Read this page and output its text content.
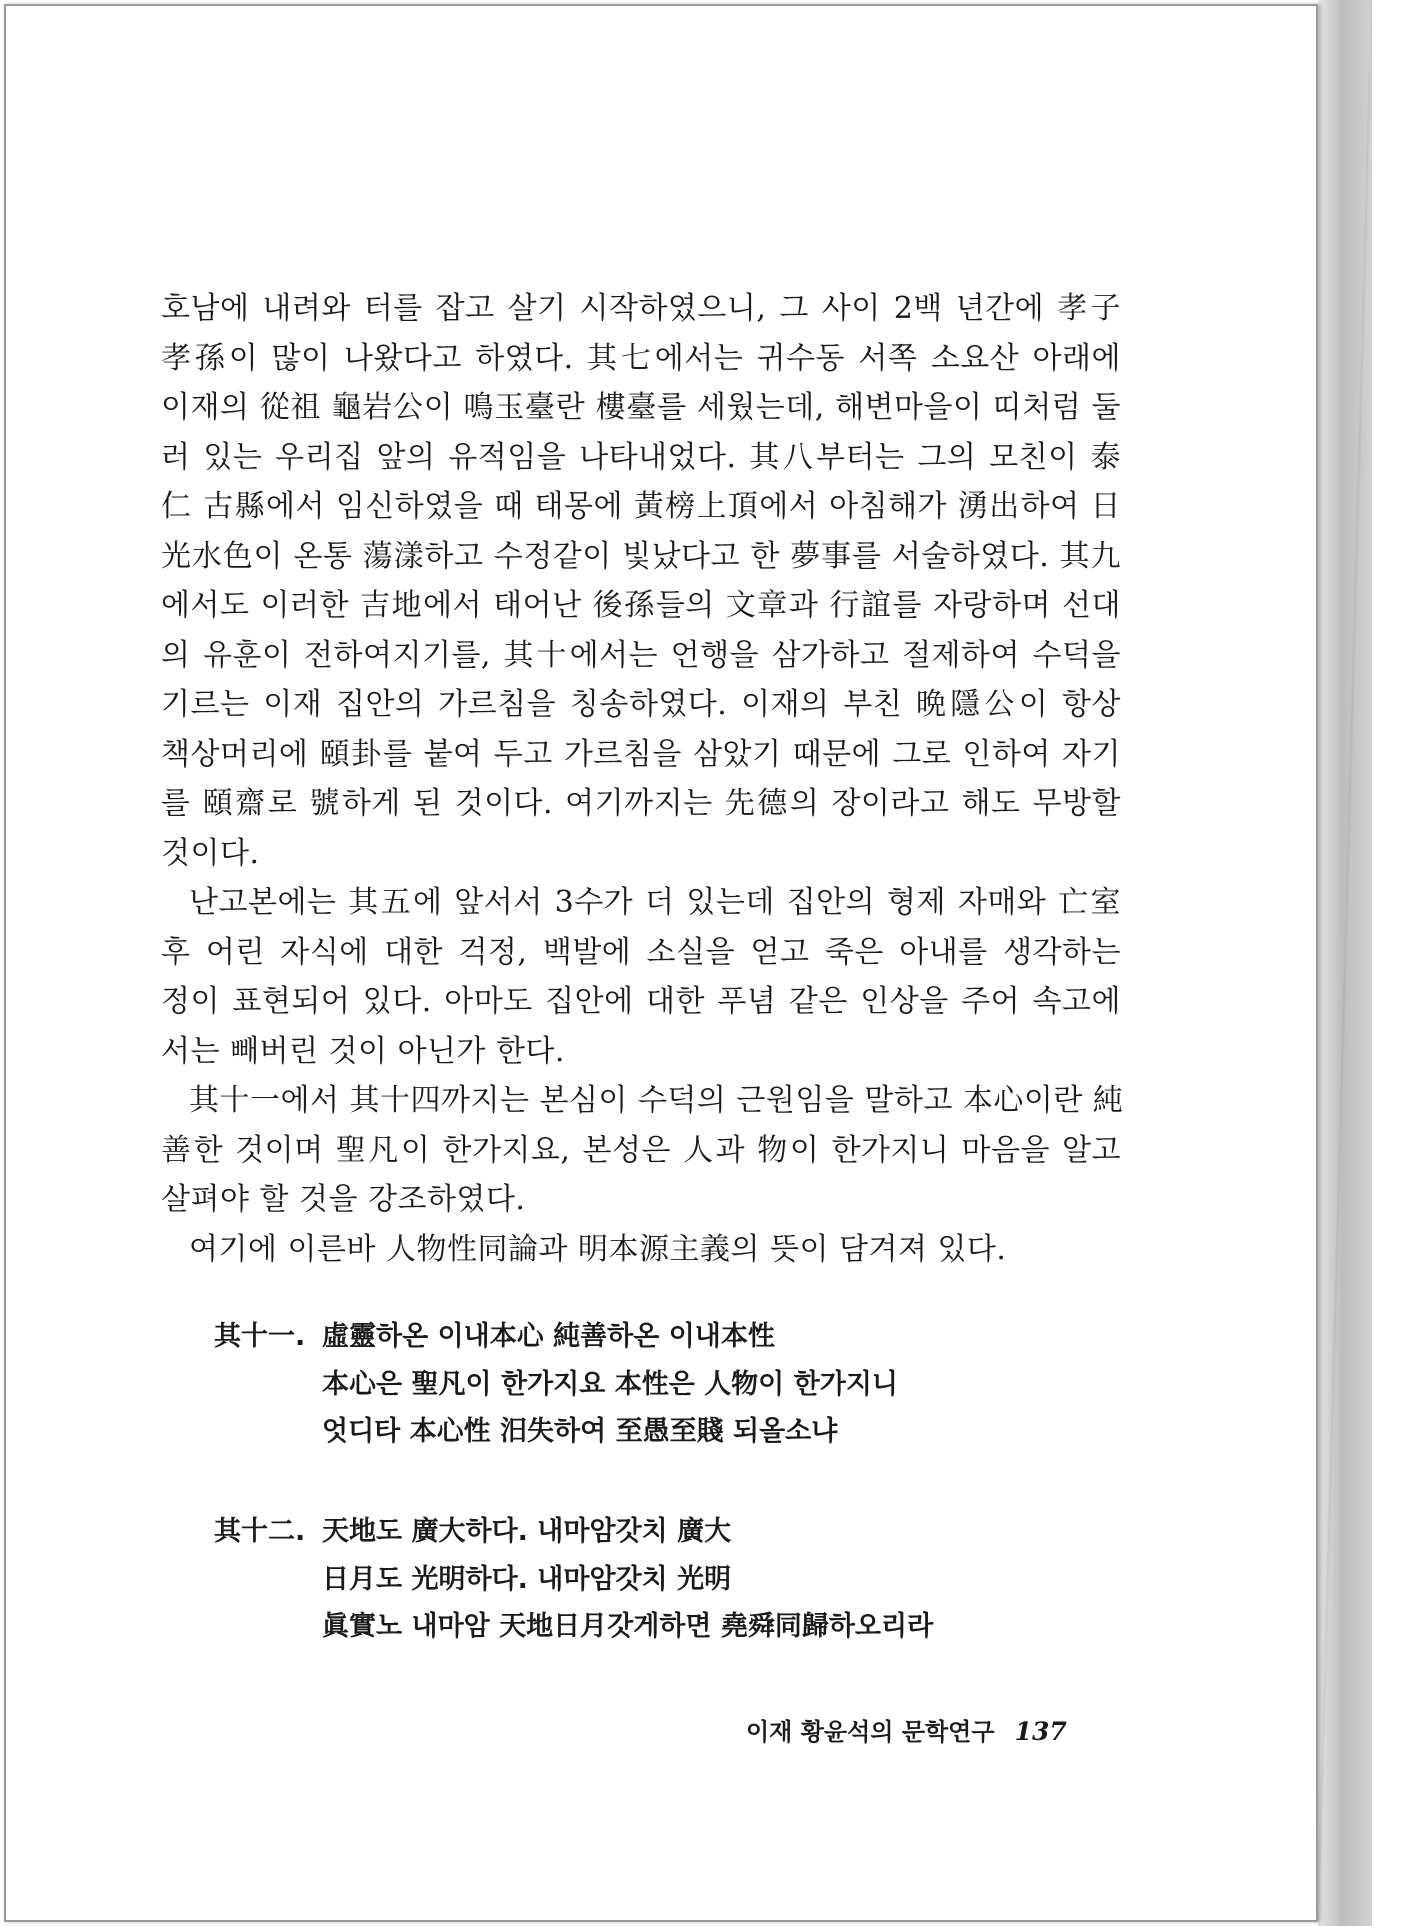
호남에 내려와 터를 잡고 살기 시작하였으니, 그 사이 2백 년간에 孝子
孝孫이 많이 나왔다고 하였다. 其七에서는 귀수동 서쪽 소요산 아래에
이재의 從祖 龜岩公이 鳴玉臺란 樓臺를 세웠는데, 해변마을이 띠처럼 둘
러 있는 우리집 앞의 유적임을 나타내었다. 其八부터는 그의 모친이 泰
仁 古縣에서 임신하였을 때 태몽에 黃榜上頂에서 아침해가 湧出하여 日
光水色이 온통 蕩漾하고 수정같이 빛났다고 한 夢事를 서술하였다. 其九
에서도 이러한 吉地에서 태어난 後孫들의 文章과 行誼를 자랑하며 선대
의 유훈이 전하여지기를, 其十에서는 언행을 삼가하고 절제하여 수덕을
기르는 이재 집안의 가르침을 칭송하였다. 이재의 부친 晩隱公이 항상
책상머리에 頤卦를 붙여 두고 가르침을 삼았기 때문에 그로 인하여 자기
를 頤齋로 號하게 된 것이다. 여기까지는 先德의 장이라고 해도 무방할
것이다.
난고본에는 其五에 앞서서 3수가 더 있는데 집안의 형제 자매와 亡室
후 어린 자식에 대한 걱정, 백발에 소실을 얻고 죽은 아내를 생각하는
정이 표현되어 있다. 아마도 집안에 대한 푸념 같은 인상을 주어 속고에
서는 빼버린 것이 아닌가 한다.
其十一에서 其十四까지는 본심이 수덕의 근원임을 말하고 本心이란 純
善한 것이며 聖凡이 한가지요, 본성은 人과 物이 한가지니 마음을 알고
살펴야 할 것을 강조하였다.
여기에 이른바 人物性同論과 明本源主義의 뜻이 담겨져 있다.
其十一. 虛靈하온 이내本心 純善하온 이내本性
本心은 聖凡이 한가지요 本性은 人物이 한가지니
엇디타 本心性 汨失하여 至愚至賤 되올소냐
其十二. 天地도 廣大하다. 내마암갓치 廣大
日月도 光明하다. 내마암갓치 光明
眞實노 내마암 天地日月갓게하면 堯舜同歸하오리라
이재 황윤석의 문학연구 137
